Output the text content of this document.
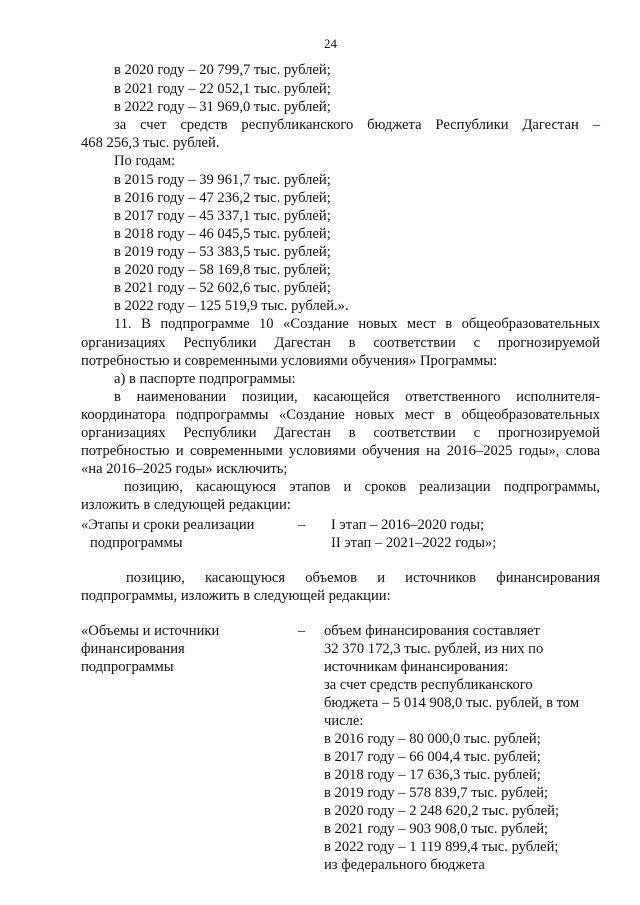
24
в 2020 году – 20 799,7 тыс. рублей;
в 2021 году – 22 052,1 тыс. рублей;
в 2022 году – 31 969,0 тыс. рублей;
за счет средств республиканского бюджета Республики Дагестан –
468 256,3 тыс. рублей.
По годам:
в 2015 году – 39 961,7 тыс. рублей;
в 2016 году – 47 236,2 тыс. рублей;
в 2017 году – 45 337,1 тыс. рублей;
в 2018 году – 46 045,5 тыс. рублей;
в 2019 году – 53 383,5 тыс. рублей;
в 2020 году – 58 169,8 тыс. рублей;
в 2021 году – 52 602,6 тыс. рублей;
в 2022 году – 125 519,9 тыс. рублей.».
11. В подпрограмме 10 «Создание новых мест в общеобразовательных
организациях Республики Дагестан в соответствии с прогнозируемой
потребностью и современными условиями обучения» Программы:
а) в паспорте подпрограммы:
в наименовании позиции, касающейся ответственного исполнителя-
координатора подпрограммы «Создание новых мест в общеобразовательных
организациях Республики Дагестан в соответствии с прогнозируемой
потребностью и современными условиями обучения на 2016–2025 годы», слова
«на 2016–2025 годы» исключить;
позицию, касающуюся этапов и сроков реализации подпрограммы,
изложить в следующей редакции:
«Этапы и сроки реализации
подпрограммы
– I этап – 2016–2020 годы;
II этап – 2021–2022 годы»;
позицию, касающуюся объемов и источников финансирования
подпрограммы, изложить в следующей редакции:
«Объемы и источники
финансирования
подпрограммы
– объем финансирования составляет
32 370 172,3 тыс. рублей, из них по
источникам финансирования:
за счет средств республиканского
бюджета – 5 014 908,0 тыс. рублей, в том
числе:
в 2016 году – 80 000,0 тыс. рублей;
в 2017 году – 66 004,4 тыс. рублей;
в 2018 году – 17 636,3 тыс. рублей;
в 2019 году – 578 839,7 тыс. рублей;
в 2020 году – 2 248 620,2 тыс. рублей;
в 2021 году – 903 908,0 тыс. рублей;
в 2022 году – 1 119 899,4 тыс. рублей;
из федерального бюджета
